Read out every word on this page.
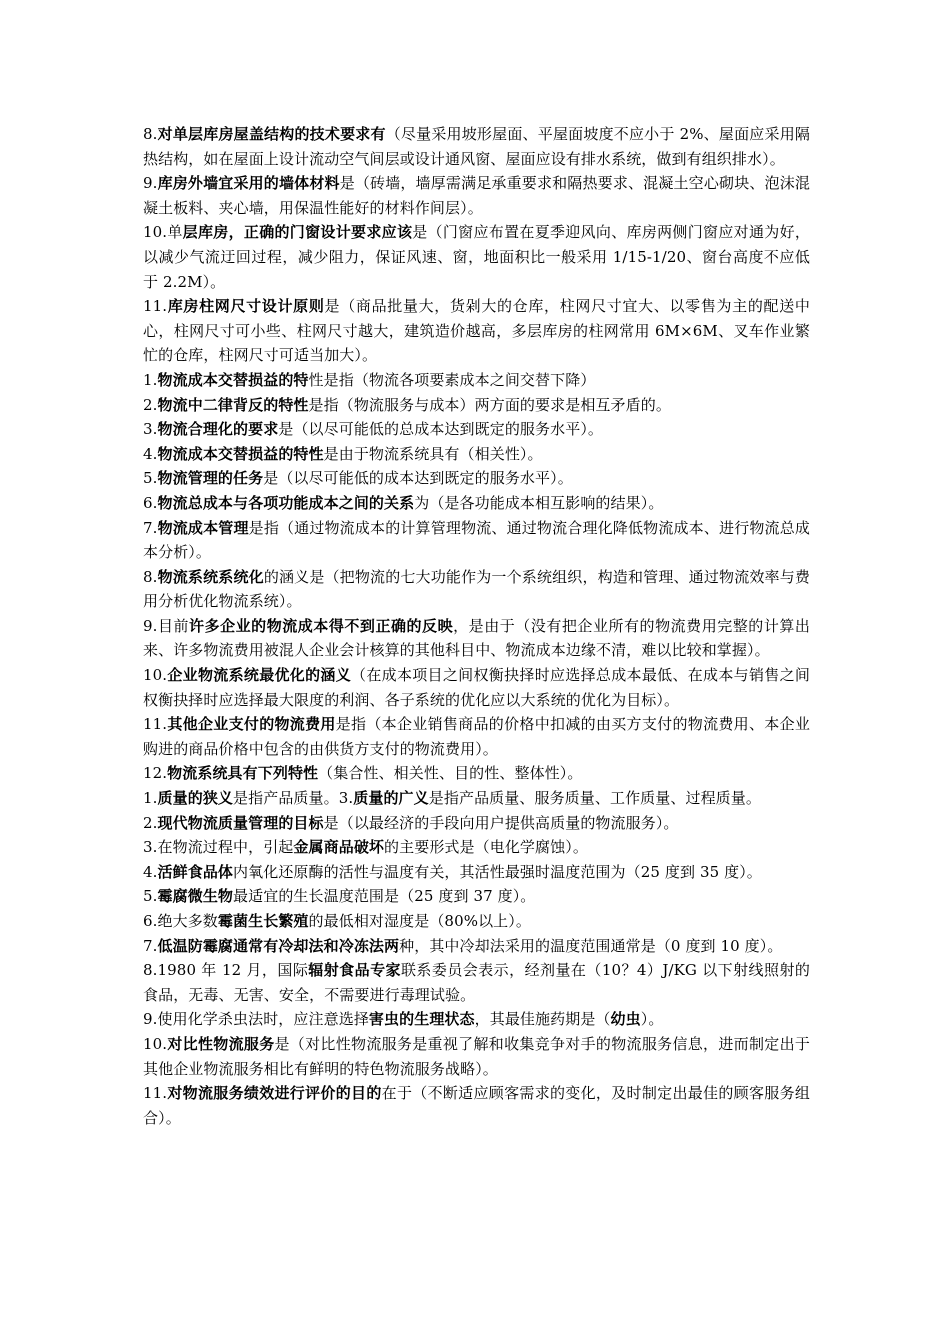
8.对单层库房屋盖结构的技术要求有（尽量采用坡形屋面、平屋面坡度不应小于 2%、屋面应采用隔热结构，如在屋面上设计流动空气间层或设计通风窗、屋面应设有排水系统，做到有组织排水）。

9.库房外墙宜采用的墙体材料是（砖墙，墙厚需满足承重要求和隔热要求、混凝土空心砌块、泡沫混凝土板料、夹心墙，用保温性能好的材料作间层）。

10.单层库房，正确的门窗设计要求应该是（门窗应布置在夏季迎风向、库房两侧门窗应对通为好，以减少气流迂回过程，减少阻力，保证风速、窗，地面积比一般采用 1/15-1/20、窗台高度不应低于 2.2M）。

11.库房柱网尺寸设计原则是（商品批量大，货剁大的仓库，柱网尺寸宜大、以零售为主的配送中心，柱网尺寸可小些、柱网尺寸越大，建筑造价越高，多层库房的柱网常用 6M×6M、叉车作业繁忙的仓库，柱网尺寸可适当加大）。

1.物流成本交替损益的特性是指（物流各项要素成本之间交替下降）

2.物流中二律背反的特性是指（物流服务与成本）两方面的要求是相互矛盾的。

3.物流合理化的要求是（以尽可能低的总成本达到既定的服务水平）。

4.物流成本交替损益的特性是由于物流系统具有（相关性）。

5.物流管理的任务是（以尽可能低的成本达到既定的服务水平）。

6.物流总成本与各项功能成本之间的关系为（是各功能成本相互影响的结果）。

7.物流成本管理是指（通过物流成本的计算管理物流、通过物流合理化降低物流成本、进行物流总成本分析）。

8.物流系统系统化的涵义是（把物流的七大功能作为一个系统组织，构造和管理、通过物流效率与费用分析优化物流系统）。

9.目前许多企业的物流成本得不到正确的反映，是由于（没有把企业所有的物流费用完整的计算出来、许多物流费用被混人企业会计核算的其他科目中、物流成本边缘不清，难以比较和掌握）。

10.企业物流系统最优化的涵义（在成本项目之间权衡抉择时应选择总成本最低、在成本与销售之间权衡抉择时应选择最大限度的利润、各子系统的优化应以大系统的优化为目标）。

11.其他企业支付的物流费用是指（本企业销售商品的价格中扣减的由买方支付的物流费用、本企业购进的商品价格中包含的由供货方支付的物流费用）。

12.物流系统具有下列特性（集合性、相关性、目的性、整体性）。

1.质量的狭义是指产品质量。3.质量的广义是指产品质量、服务质量、工作质量、过程质量。

2.现代物流质量管理的目标是（以最经济的手段向用户提供高质量的物流服务）。

3.在物流过程中，引起金属商品破坏的主要形式是（电化学腐蚀）。

4.活鲜食品体内氧化还原酶的活性与温度有关，其活性最强时温度范围为（25 度到 35 度）。

5.霉腐微生物最适宜的生长温度范围是（25 度到 37 度）。

6.绝大多数霉菌生长繁殖的最低相对湿度是（80%以上）。

7.低温防霉腐通常有冷却法和冷冻法两种，其中冷却法采用的温度范围通常是（0 度到 10 度）。

8.1980 年 12 月，国际辐射食品专家联系委员会表示，经剂量在（10？4）J/KG 以下射线照射的食品，无毒、无害、安全，不需要进行毒理试验。

9.使用化学杀虫法时，应注意选择害虫的生理状态，其最佳施药期是（幼虫）。

10.对比性物流服务是（对比性物流服务是重视了解和收集竞争对手的物流服务信息，进而制定出于其他企业物流服务相比有鲜明的特色物流服务战略）。

11.对物流服务绩效进行评价的目的在于（不断适应顾客需求的变化，及时制定出最佳的顾客服务组合）。
